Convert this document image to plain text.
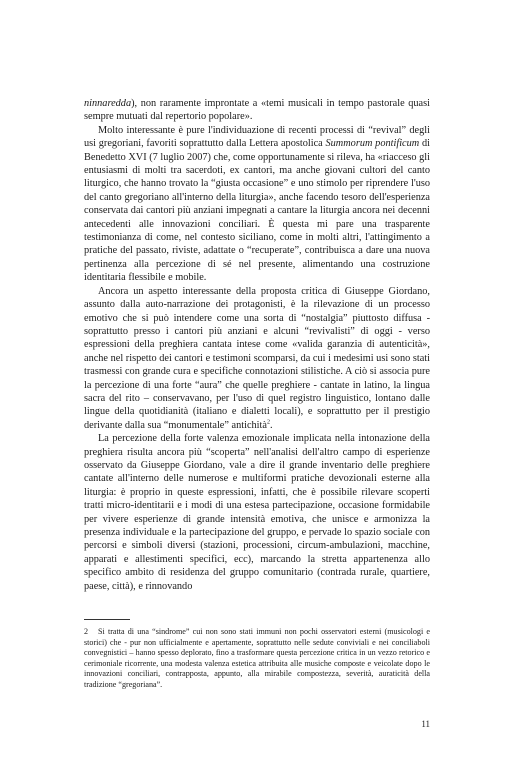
ninnaredda), non raramente improntate a «temi musicali in tempo pastorale quasi sempre mutuati dal repertorio popolare».

Molto interessante è pure l'individuazione di recenti processi di “revival” degli usi gregoriani, favoriti soprattutto dalla Lettera apostolica Summorum pontificum di Benedetto XVI (7 luglio 2007) che, come opportunamente si rileva, ha «riacceso gli entusiasmi di molti tra sacerdoti, ex cantori, ma anche giovani cultori del canto liturgico, che hanno trovato la “giusta occasione” e uno stimolo per riprendere l'uso del canto gregoriano all'interno della liturgia», anche facendo tesoro dell'esperienza conservata dai cantori più anziani impegnati a cantare la liturgia ancora nei decenni antecedenti alle innovazioni conciliari. È questa mi pare una trasparente testimonianza di come, nel contesto siciliano, come in molti altri, l'attingimento a pratiche del passato, riviste, adattate o “recuperate”, contribuisca a dare una nuova pertinenza alla percezione di sé nel presente, alimentando una costruzione identitaria flessibile e mobile.

Ancora un aspetto interessante della proposta critica di Giuseppe Giordano, assunto dalla auto-narrazione dei protagonisti, è la rilevazione di un processo emotivo che si può intendere come una sorta di “nostalgia” piuttosto diffusa - soprattutto presso i cantori più anziani e alcuni “revivalisti” di oggi - verso espressioni della preghiera cantata intese come «valida garanzia di autenticità», anche nel rispetto dei cantori e testimoni scomparsi, da cui i medesimi usi sono stati trasmessi con grande cura e specifiche connotazioni stilistiche. A ciò si associa pure la percezione di una forte “aura” che quelle preghiere - cantate in latino, la lingua sacra del rito – conservavano, per l'uso di quel registro linguistico, lontano dalle lingue della quotidianità (italiano e dialetti locali), e soprattutto per il prestigio derivante dalla sua “monumentale” antichità$^2$.

La percezione della forte valenza emozionale implicata nella intonazione della preghiera risulta ancora più “scoperta” nell'analisi dell'altro campo di esperienze osservato da Giuseppe Giordano, vale a dire il grande inventario delle preghiere cantate all'interno delle numerose e multiformi pratiche devozionali esterne alla liturgia: è proprio in queste espressioni, infatti, che è possibile rilevare scoperti tratti micro-identitarii e i modi di una estesa partecipazione, occasione formidabile per vivere esperienze di grande intensità emotiva, che unisce e armonizza la presenza individuale e la partecipazione del gruppo, e pervade lo spazio sociale con percorsi e simboli diversi (stazioni, processioni, circum-ambulazioni, macchine, apparati e allestimenti specifici, ecc), marcando la stretta appartenenza allo specifico ambito di residenza del gruppo comunitario (contrada rurale, quartiere, paese, città), e rinnovando

2 Si tratta di una “sindrome” cui non sono stati immuni non pochi osservatori esterni (musicologi e storici) che - pur non ufficialmente e apertamente, soprattutto nelle sedute conviviali e nei conciliaboli convegnistici – hanno spesso deplorato, fino a trasformare questa percezione critica in un vezzo retorico e cerimoniale ricorrente, una modesta valenza estetica attribuita alle musiche composte e veicolate dopo le innovazioni conciliari, contrapposta, appunto, alla mirabile compostezza, severità, auraticità della tradizione “gregoriana”.

11
